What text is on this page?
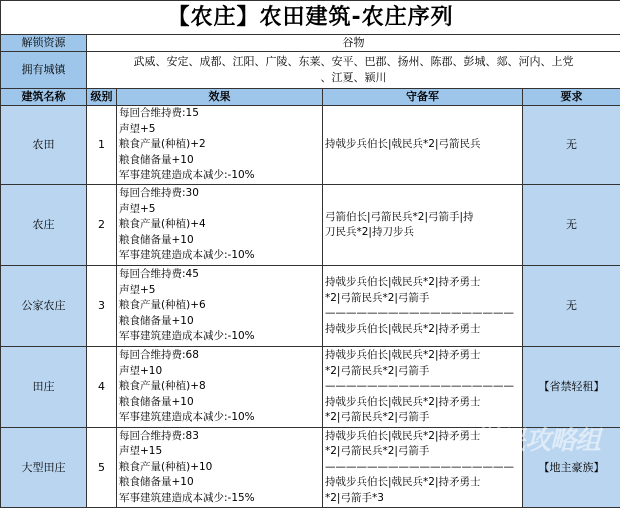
【农庄】农田建筑-农庄序列				
解锁资源	谷物			
拥有城镇	武威、安定、成都、江阳、广陵、东莱、安平、巴郡、扬州、陈郡、彭城、郯、河内、上党
、江夏、颍川			

建筑名称	级别	效果	守备军	要求
农田	1	每回合维持费:15
声望+5
粮食产量(种植)+2
粮食储备量+10
军事建筑建造成本减少:-10%	持戟步兵伯长|戟民兵*2|弓箭民兵	无
农庄	2	每回合维持费:30
声望+5
粮食产量(种植)+4
粮食储备量+10
军事建筑建造成本减少:-10%	弓箭伯长|弓箭民兵*2|弓箭手|持
刀民兵*2|持刀步兵	无
公家农庄	3	每回合维持费:45
声望+5
粮食产量(种植)+6
粮食储备量+10
军事建筑建造成本减少:-10%	持戟步兵伯长|戟民兵*2|持矛勇士
*2|弓箭民兵*2|弓箭手
——————————————————
持戟步兵伯长|戟民兵*2|持矛勇士	无
田庄	4	每回合维持费:68
声望+10
粮食产量(种植)+8
粮食储备量+10
军事建筑建造成本减少:-10%	持戟步兵伯长|戟民兵*2|持矛勇士
*2|弓箭民兵*2|弓箭手
——————————————————
持戟步兵伯长|戟民兵*2|持矛勇士
*2|弓箭民兵*2|弓箭手	【省禁轻租】
大型田庄	5	每回合维持费:83
声望+15
粮食产量(种植)+10
粮食储备量+10
军事建筑建造成本减少:-15%	持戟步兵伯长|戟民兵*2|持矛勇士
*2|弓箭民兵*2|弓箭手
——————————————————
持戟步兵伯长|戟民兵*2|持矛勇士
*2|弓箭手*3	【地主豪族】
游民攻略组
